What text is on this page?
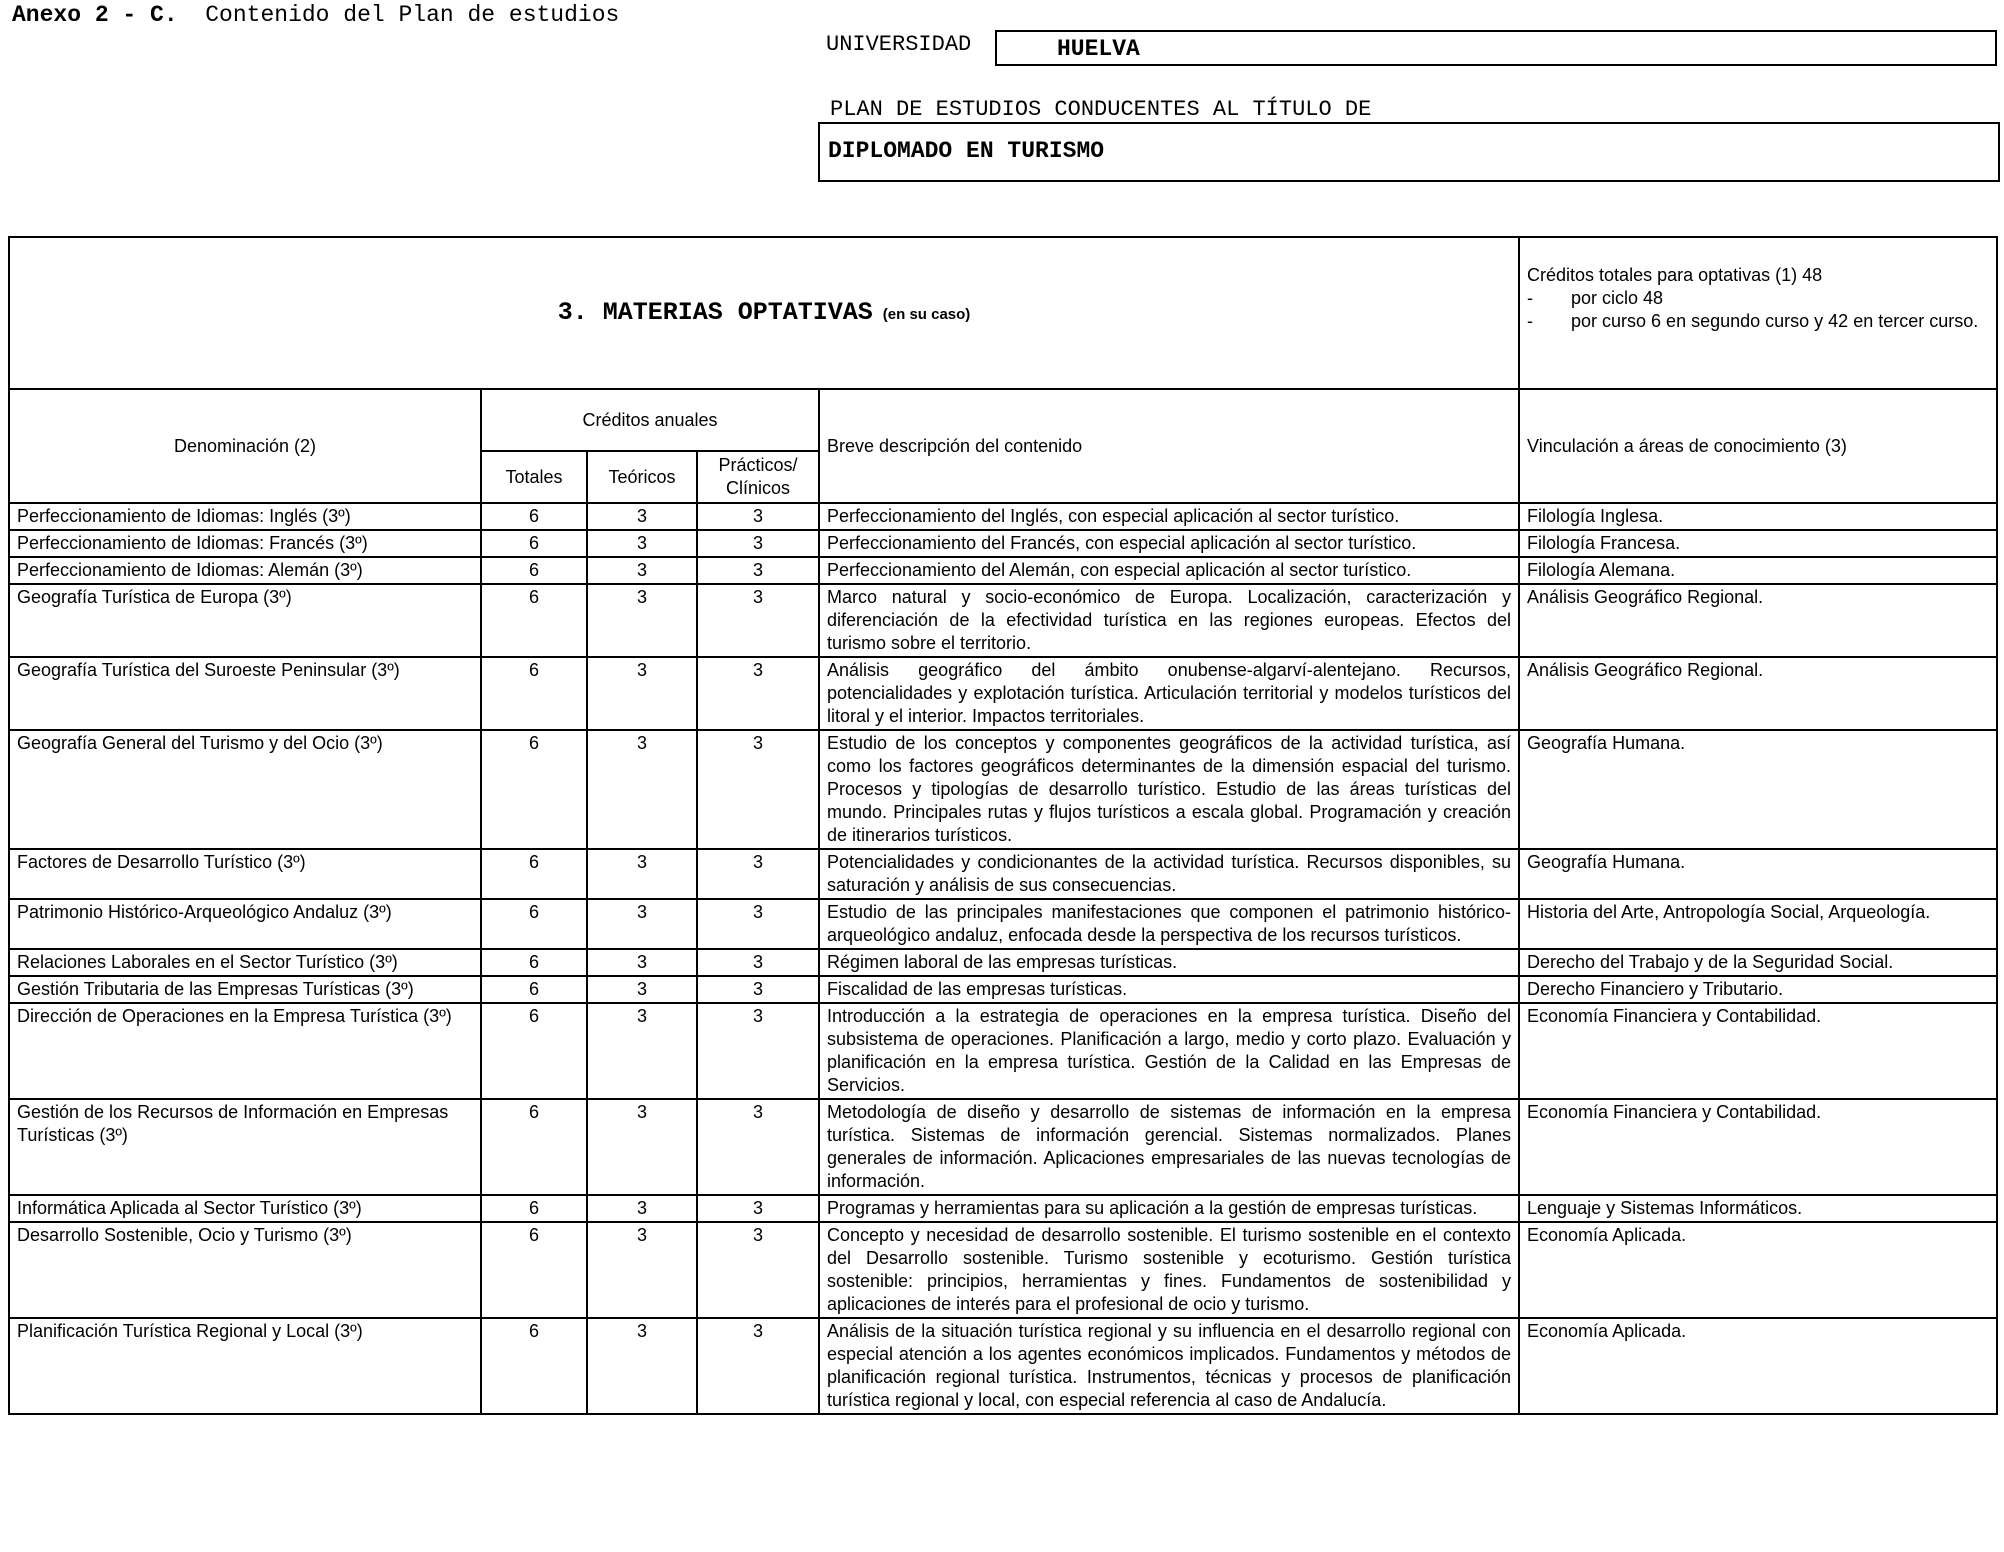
Anexo 2 - C. Contenido del Plan de estudios
UNIVERSIDAD	HUELVA
PLAN DE ESTUDIOS CONDUCENTES AL TÍTULO DE
DIPLOMADO EN TURISMO
3. MATERIAS OPTATIVAS (en su caso)					Créditos totales para optativas (1) 48
- por ciclo 48
- por curso 6 en segundo curso y 42 en tercer curso.

Denominación (2)	Créditos anuales			Breve descripción del contenido	Vinculación a áreas de conocimiento (3)
	Totales	Teóricos	Prácticos/ Clínicos		
Perfeccionamiento de Idiomas: Inglés (3º)	6	3	3	Perfeccionamiento del Inglés, con especial aplicación al sector turístico.	Filología Inglesa.
Perfeccionamiento de Idiomas: Francés (3º)	6	3	3	Perfeccionamiento del Francés, con especial aplicación al sector turístico.	Filología Francesa.
Perfeccionamiento de Idiomas: Alemán (3º)	6	3	3	Perfeccionamiento del Alemán, con especial aplicación al sector turístico.	Filología Alemana.
Geografía Turística de Europa (3º)	6	3	3	Marco natural y socio-económico de Europa. Localización, caracterización y diferenciación de la efectividad turística en las regiones europeas. Efectos del turismo sobre el territorio.	Análisis Geográfico Regional.
Geografía Turística del Suroeste Peninsular (3º)	6	3	3	Análisis geográfico del ámbito onubense-algarví-alentejano. Recursos, potencialidades y explotación turística. Articulación territorial y modelos turísticos del litoral y el interior. Impactos territoriales.	Análisis Geográfico Regional.
Geografía General del Turismo y del Ocio (3º)	6	3	3	Estudio de los conceptos y componentes geográficos de la actividad turística, así como los factores geográficos determinantes de la dimensión espacial del turismo. Procesos y tipologías de desarrollo turístico. Estudio de las áreas turísticas del mundo. Principales rutas y flujos turísticos a escala global. Programación y creación de itinerarios turísticos.	Geografía Humana.
Factores de Desarrollo Turístico (3º)	6	3	3	Potencialidades y condicionantes de la actividad turística. Recursos disponibles, su saturación y análisis de sus consecuencias.	Geografía Humana.
Patrimonio Histórico-Arqueológico Andaluz (3º)	6	3	3	Estudio de las principales manifestaciones que componen el patrimonio histórico-arqueológico andaluz, enfocada desde la perspectiva de los recursos turísticos.	Historia del Arte, Antropología Social, Arqueología.
Relaciones Laborales en el Sector Turístico (3º)	6	3	3	Régimen laboral de las empresas turísticas.	Derecho del Trabajo y de la Seguridad Social.
Gestión Tributaria de las Empresas Turísticas (3º)	6	3	3	Fiscalidad de las empresas turísticas.	Derecho Financiero y Tributario.
Dirección de Operaciones en la Empresa Turística (3º)	6	3	3	Introducción a la estrategia de operaciones en la empresa turística. Diseño del subsistema de operaciones. Planificación a largo, medio y corto plazo. Evaluación y planificación en la empresa turística. Gestión de la Calidad en las Empresas de Servicios.	Economía Financiera y Contabilidad.
Gestión de los Recursos de Información en Empresas Turísticas (3º)	6	3	3	Metodología de diseño y desarrollo de sistemas de información en la empresa turística. Sistemas de información gerencial. Sistemas normalizados. Planes generales de información. Aplicaciones empresariales de las nuevas tecnologías de información.	Economía Financiera y Contabilidad.
Informática Aplicada al Sector Turístico (3º)	6	3	3	Programas y herramientas para su aplicación a la gestión de empresas turísticas.	Lenguaje y Sistemas Informáticos.
Desarrollo Sostenible, Ocio y Turismo (3º)	6	3	3	Concepto y necesidad de desarrollo sostenible. El turismo sostenible en el contexto del Desarrollo sostenible. Turismo sostenible y ecoturismo. Gestión turística sostenible: principios, herramientas y fines. Fundamentos de sostenibilidad y aplicaciones de interés para el profesional de ocio y turismo.	Economía Aplicada.
Planificación Turística Regional y Local (3º)	6	3	3	Análisis de la situación turística regional y su influencia en el desarrollo regional con especial atención a los agentes económicos implicados. Fundamentos y métodos de planificación regional turística. Instrumentos, técnicas y procesos de planificación turística regional y local, con especial referencia al caso de Andalucía.	Economía Aplicada.
